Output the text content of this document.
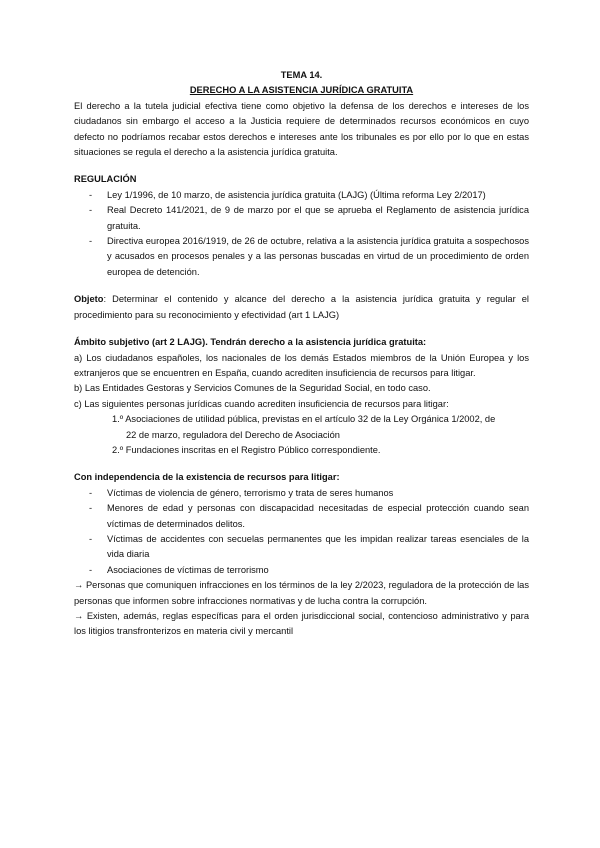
TEMA 14.

DERECHO A LA ASISTENCIA JURÍDICA GRATUITA

El derecho a la tutela judicial efectiva tiene como objetivo la defensa de los derechos e intereses de los ciudadanos sin embargo el acceso a la Justicia requiere de determinados recursos económicos en cuyo defecto no podríamos recabar estos derechos e intereses ante los tribunales es por ello por lo que en estas situaciones se regula el derecho a la asistencia jurídica gratuita.

REGULACIÓN

- Ley 1/1996, de 10 marzo, de asistencia jurídica gratuita (LAJG) (Última reforma Ley 2/2017)
- Real Decreto 141/2021, de 9 de marzo por el que se aprueba el Reglamento de asistencia jurídica gratuita.
- Directiva europea 2016/1919, de 26 de octubre, relativa a la asistencia jurídica gratuita a sospechosos y acusados en procesos penales y a las personas buscadas en virtud de un procedimiento de orden europea de detención.

Objeto: Determinar el contenido y alcance del derecho a la asistencia jurídica gratuita y regular el procedimiento para su reconocimiento y efectividad (art 1 LAJG)

Ámbito subjetivo (art 2 LAJG). Tendrán derecho a la asistencia jurídica gratuita:

a) Los ciudadanos españoles, los nacionales de los demás Estados miembros de la Unión Europea y los extranjeros que se encuentren en España, cuando acrediten insuficiencia de recursos para litigar.

b) Las Entidades Gestoras y Servicios Comunes de la Seguridad Social, en todo caso.

c) Las siguientes personas jurídicas cuando acrediten insuficiencia de recursos para litigar:

1.º Asociaciones de utilidad pública, previstas en el artículo 32 de la Ley Orgánica 1/2002, de

22 de marzo, reguladora del Derecho de Asociación

2.º Fundaciones inscritas en el Registro Público correspondiente.

Con independencia de la existencia de recursos para litigar:

- Víctimas de violencia de género, terrorismo y trata de seres humanos
- Menores de edad y personas con discapacidad necesitadas de especial protección cuando sean víctimas de determinados delitos.
- Víctimas de accidentes con secuelas permanentes que les impidan realizar tareas esenciales de la vida diaria
- Asociaciones de víctimas de terrorismo

→ Personas que comuniquen infracciones en los términos de la ley 2/2023, reguladora de la protección de las personas que informen sobre infracciones normativas y de lucha contra la corrupción.

→ Existen, además, reglas específicas para el orden jurisdiccional social, contencioso administrativo y para los litigios transfronterizos en materia civil y mercantil
